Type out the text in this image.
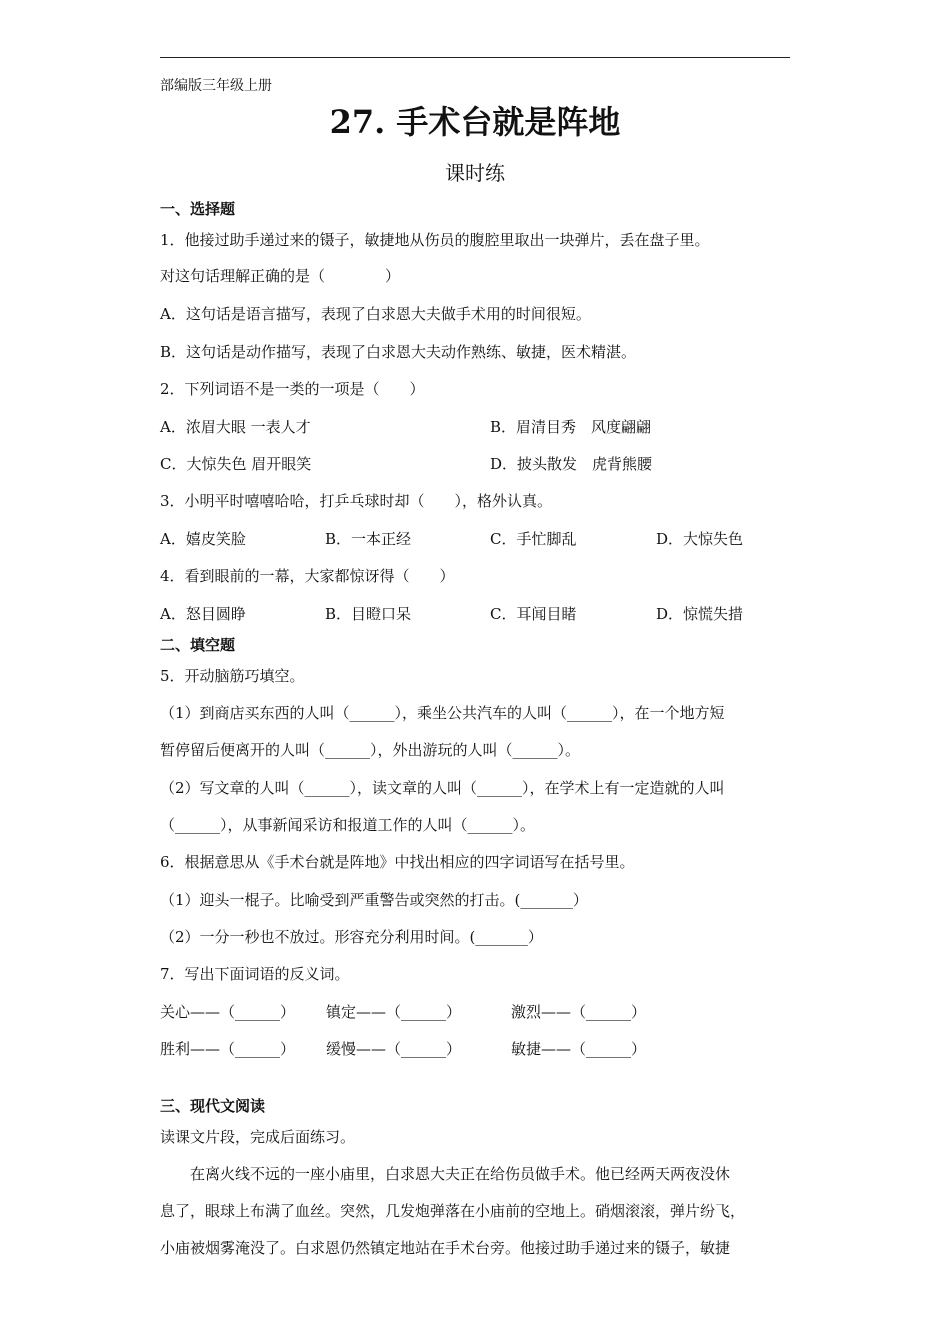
部编版三年级上册
27. 手术台就是阵地
课时练
一、选择题
1．他接过助手递过来的镊子，敏捷地从伤员的腹腔里取出一块弹片，丢在盘子里。
对这句话理解正确的是（　　　　）
A．这句话是语言描写，表现了白求恩大夫做手术用的时间很短。
B．这句话是动作描写，表现了白求恩大夫动作熟练、敏捷，医术精湛。
2．下列词语不是一类的一项是（　　）
A．浓眉大眼 一表人才	B．眉清目秀　风度翩翩
C．大惊失色 眉开眼笑	D．披头散发　虎背熊腰
3．小明平时嘻嘻哈哈，打乒乓球时却（　　），格外认真。
A．嬉皮笑脸	B．一本正经	C．手忙脚乱	D．大惊失色
4．看到眼前的一幕，大家都惊讶得（　　）
A．怒目圆睁	B．目瞪口呆	C．耳闻目睹	D．惊慌失措
二、填空题
5．开动脑筋巧填空。
（1）到商店买东西的人叫（______），乘坐公共汽车的人叫（______），在一个地方短
暂停留后便离开的人叫（______），外出游玩的人叫（______）。
（2）写文章的人叫（______），读文章的人叫（______），在学术上有一定造就的人叫
（______），从事新闻采访和报道工作的人叫（______）。
6．根据意思从《手术台就是阵地》中找出相应的四字词语写在括号里。
（1）迎头一棍子。比喻受到严重警告或突然的打击。(_______）
（2）一分一秒也不放过。形容充分利用时间。(_______）
7．写出下面词语的反义词。
关心——（______） 镇定——（______）	激烈——（______）
胜利——（______） 缓慢——（______）	敏捷——（______）
三、现代文阅读
读课文片段，完成后面练习。
在离火线不远的一座小庙里，白求恩大夫正在给伤员做手术。他已经两天两夜没休
息了，眼球上布满了血丝。突然，几发炮弹落在小庙前的空地上。硝烟滚滚，弹片纷飞，
小庙被烟雾淹没了。白求恩仍然镇定地站在手术台旁。他接过助手递过来的镊子，敏捷
